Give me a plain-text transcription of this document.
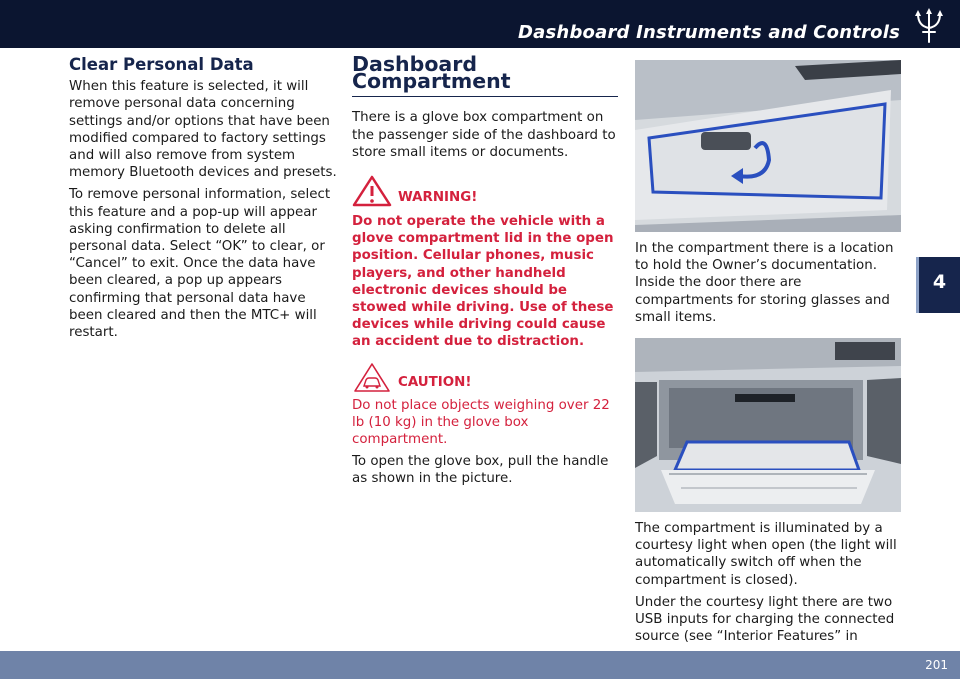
Dashboard Instruments and Controls
4
Clear Personal Data

When this feature is selected, it will remove personal data concerning settings and/or options that have been modified compared to factory settings and will also remove from system memory Bluetooth devices and presets.

To remove personal information, select this feature and a pop-up will appear asking confirmation to delete all personal data. Select “OK” to clear, or “Cancel” to exit. Once the data have been cleared, a pop up appears confirming that personal data have been cleared and then the MTC+ will restart.

Dashboard Compartment

There is a glove box compartment on the passenger side of the dashboard to store small items or documents.

WARNING!

Do not operate the vehicle with a glove compartment lid in the open position. Cellular phones, music players, and other handheld electronic devices should be stowed while driving. Use of these devices while driving could cause an accident due to distraction.

CAUTION!

Do not place objects weighing over 22 lb (10 kg) in the glove box compartment.

To open the glove box, pull the handle as shown in the picture.

In the compartment there is a location to hold the Owner’s documentation. Inside the door there are compartments for storing glasses and small items.

The compartment is illuminated by a courtesy light when open (the light will automatically switch off when the compartment is closed).

Under the courtesy light there are two USB inputs for charging the connected source (see “Interior Features” in

201
